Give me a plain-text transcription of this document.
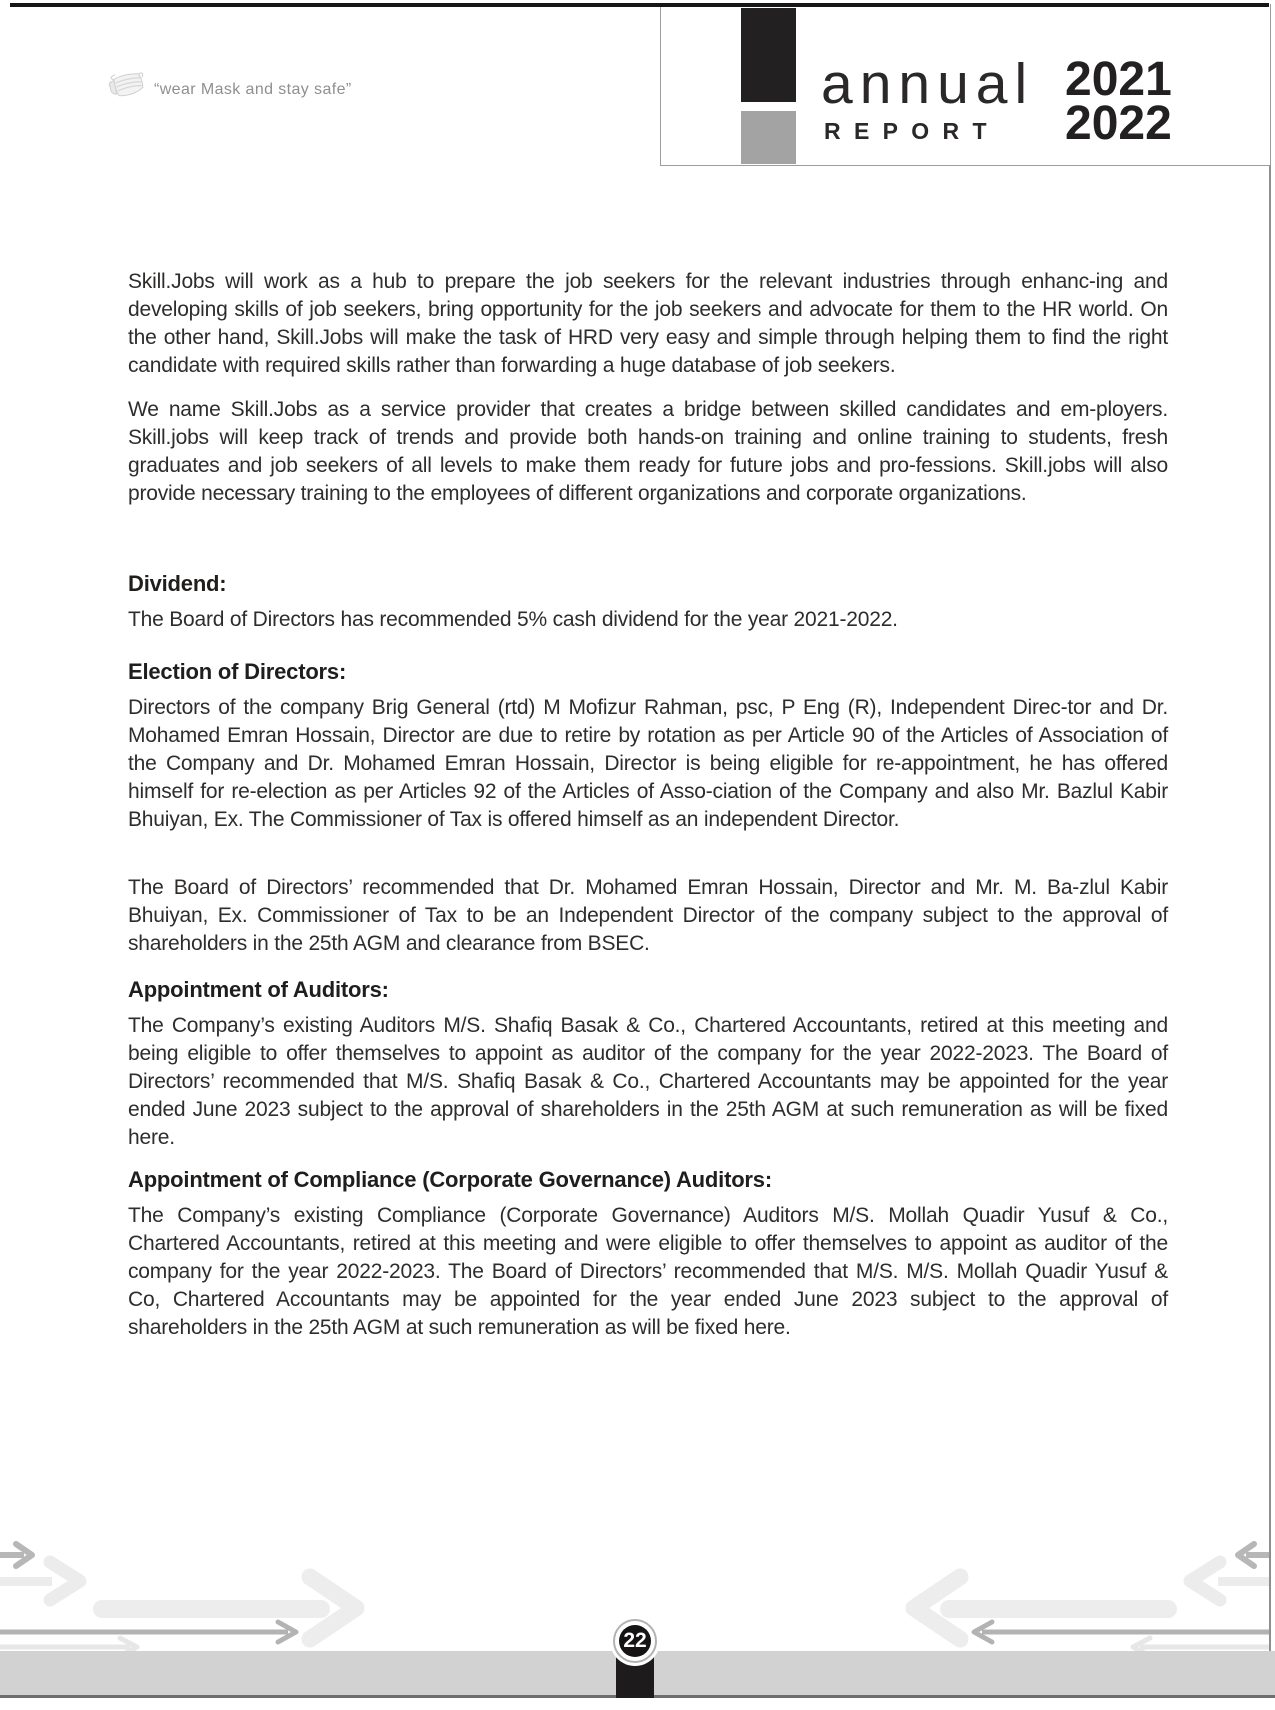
“wear Mask and stay safe”	annual
REPORT
2021
2022

Skill.Jobs will work as a hub to prepare the job seekers for the relevant industries through enhanc-ing and developing skills of job seekers, bring opportunity for the job seekers and advocate for them to the HR world. On the other hand, Skill.Jobs will make the task of HRD very easy and simple through helping them to find the right candidate with required skills rather than forwarding a huge database of job seekers.

We name Skill.Jobs as a service provider that creates a bridge between skilled candidates and em-ployers. Skill.jobs will keep track of trends and provide both hands-on training and online training to students, fresh graduates and job seekers of all levels to make them ready for future jobs and pro-fessions. Skill.jobs will also provide necessary training to the employees of different organizations and corporate organizations.

Dividend:

The Board of Directors has recommended 5% cash dividend for the year 2021-2022.

Election of Directors:

Directors of the company Brig General (rtd) M Mofizur Rahman, psc, P Eng (R), Independent Direc-tor and Dr. Mohamed Emran Hossain, Director are due to retire by rotation as per Article 90 of the Articles of Association of the Company and Dr. Mohamed Emran Hossain, Director is being eligible for re-appointment, he has offered himself for re-election as per Articles 92 of the Articles of Asso-ciation of the Company and also Mr. Bazlul Kabir Bhuiyan, Ex. The Commissioner of Tax is offered himself as an independent Director.

The Board of Directors’ recommended that Dr. Mohamed Emran Hossain, Director and Mr. M. Ba-zlul Kabir Bhuiyan, Ex. Commissioner of Tax to be an Independent Director of the company subject to the approval of shareholders in the 25th AGM and clearance from BSEC.

Appointment of Auditors:

The Company’s existing Auditors M/S. Shafiq Basak & Co., Chartered Accountants, retired at this meeting and being eligible to offer themselves to appoint as auditor of the company for the year 2022-2023. The Board of Directors’ recommended that M/S. Shafiq Basak & Co., Chartered Accountants may be appointed for the year ended June 2023 subject to the approval of shareholders in the 25th AGM at such remuneration as will be fixed here.

Appointment of Compliance (Corporate Governance) Auditors:

The Company’s existing Compliance (Corporate Governance) Auditors M/S. Mollah Quadir Yusuf & Co., Chartered Accountants, retired at this meeting and were eligible to offer themselves to appoint as auditor of the company for the year 2022-2023. The Board of Directors’ recommended that M/S. M/S. Mollah Quadir Yusuf & Co, Chartered Accountants may be appointed for the year ended June 2023 subject to the approval of shareholders in the 25th AGM at such remuneration as will be fixed here.

22
